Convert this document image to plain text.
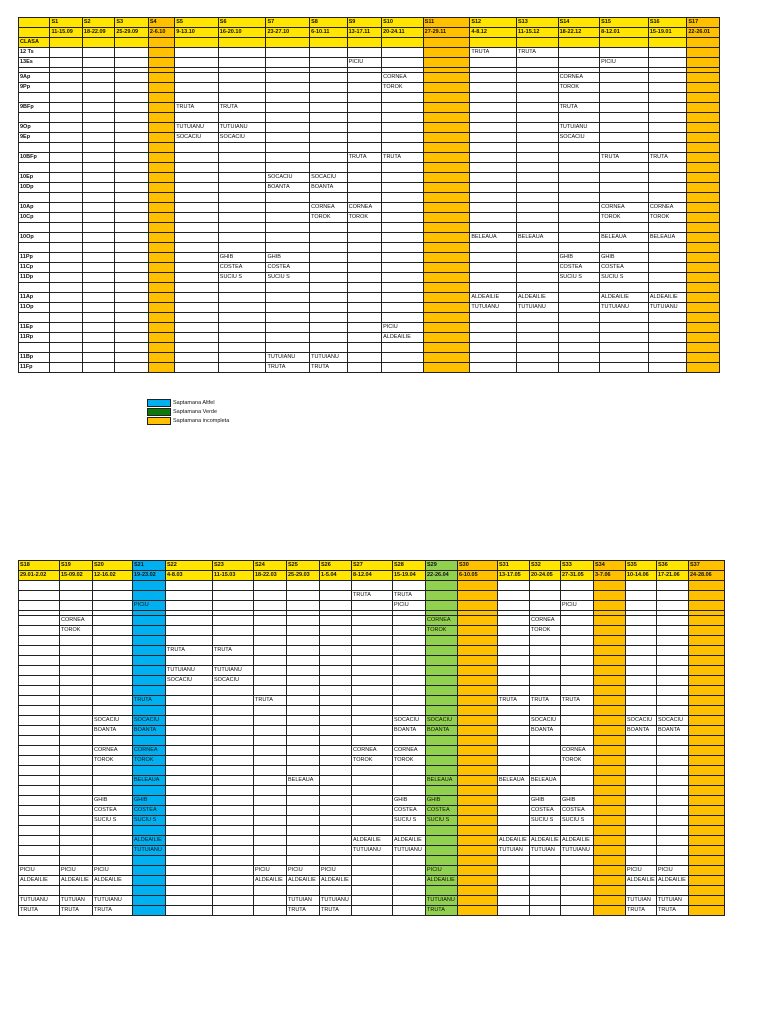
	S1	S2	S3	S4	S5	S6	S7	S8	S9	S10	S11	S12	S13	S14	S15	S16	S17
	11-15.09	18-22.09	25-29.09	2-6.10	9-13.10	16-20.10	23-27.10	6-10.11	13-17.11	20-24.11	27-29.11	4-8.12	11-15.12	18-22.12	8-12.01	15-19.01	22-26.01
CLASA																	
12 Ts												TRUTA	TRUTA				
13Es									PICIU						PICIU		

9Ap										CORNEA				CORNEA			
9Pp										TOROK				TOROK			

9BFp					TRUTA	TRUTA								TRUTA			

9Op					TUTUIANU	TUTUIANU								TUTUIANU			
9Ep					SOCACIU	SOCACIU								SOCACIU			

10BFp									TRUTA	TRUTA					TRUTA	TRUTA	

10Ep							SOCACIU	SOCACIU									
10Dp							BOANTA	BOANTA									

10Ap								CORNEA	CORNEA						CORNEA	CORNEA	
10Cp								TOROK	TOROK						TOROK	TOROK	

10Op												BELEAUA	BELEAUA		BELEAUA	BELEAUA	

11Pp						GHIB	GHIB							GHIB	GHIB		
11Cp						COSTEA	COSTEA							COSTEA	COSTEA		
11Dp						SUCIU S	SUCIU S							SUCIU S	SUCIU S		

11Ap												ALDEAILIE	ALDEAILIE		ALDEAILIE	ALDEAILIE	
11Op												TUTUIANU	TUTUIANU		TUTUIANU	TUTUIANU	

11Ep										PICIU							
11Rp										ALDEAILIE							

11Bp							TUTUIANU	TUTUIANU									
11Fp							TRUTA	TRUTA									
Saptamana Altfel
Saptamana Verde
Saptamana incompleta
S18	S19	S20	S21	S22	S23	S24	S25	S26	S27	S28	S29	S30	S31	S32	S33	S34	S35	S36	S37
29.01-2.02	15-09.02	12-16.02	19-23.02	4-8.03	11-15.03	18-22.03	25-29.03	1-5.04	8-12.04	15-19.04	22-26.04	6-10.05	13-17.05	20-24.05	27-31.05	3-7.06	10-14.06	17-21.06	24-28.06

									TRUTA	TRUTA									
			PICIU							PICIU					PICIU				

	CORNEA										CORNEA			CORNEA					
	TOROK										TOROK			TOROK					

				TRUTA	TRUTA														

				TUTUIANU	TUTUIANU														
				SOCACIU	SOCACIU														

			TRUTA			TRUTA							TRUTA	TRUTA	TRUTA				

		SOCACIU	SOCACIU							SOCACIU	SOCACIU			SOCACIU			SOCACIU	SOCACIU	
		BOANTA	BOANTA							BOANTA	BOANTA			BOANTA			BOANTA	BOANTA	

		CORNEA	CORNEA						CORNEA	CORNEA					CORNEA				
		TOROK	TOROK						TOROK	TOROK					TOROK				

			BELEAUA				BELEAUA				BELEAUA		BELEAUA	BELEAUA					

		GHIB	GHIB							GHIB	GHIB			GHIB	GHIB				
		COSTEA	COSTEA							COSTEA	COSTEA			COSTEA	COSTEA				
		SUCIU S	SUCIU S							SUCIU S	SUCIU S			SUCIU S	SUCIU S				

			ALDEAILIE						ALDEAILIE	ALDEAILIE			ALDEAILIE	ALDEAILIE	ALDEAILIE				
			TUTUIANU						TUTUIANU	TUTUIANU			TUTUIAN	TUTUIAN	TUTUIANU				

PICIU	PICIU	PICIU				PICIU	PICIU	PICIU			PICIU						PICIU	PICIU	
ALDEAILIE	ALDEAILIE	ALDEAILIE				ALDEAILIE	ALDEAILIE	ALDEAILIE			ALDEAILIE						ALDEAILIE	ALDEAILIE	

TUTUIANU	TUTUIAN	TUTUIANU					TUTUIAN	TUTUIANU			TUTUIANU						TUTUIAN	TUTUIAN	
TRUTA	TRUTA	TRUTA					TRUTA	TRUTA			TRUTA						TRUTA	TRUTA	
